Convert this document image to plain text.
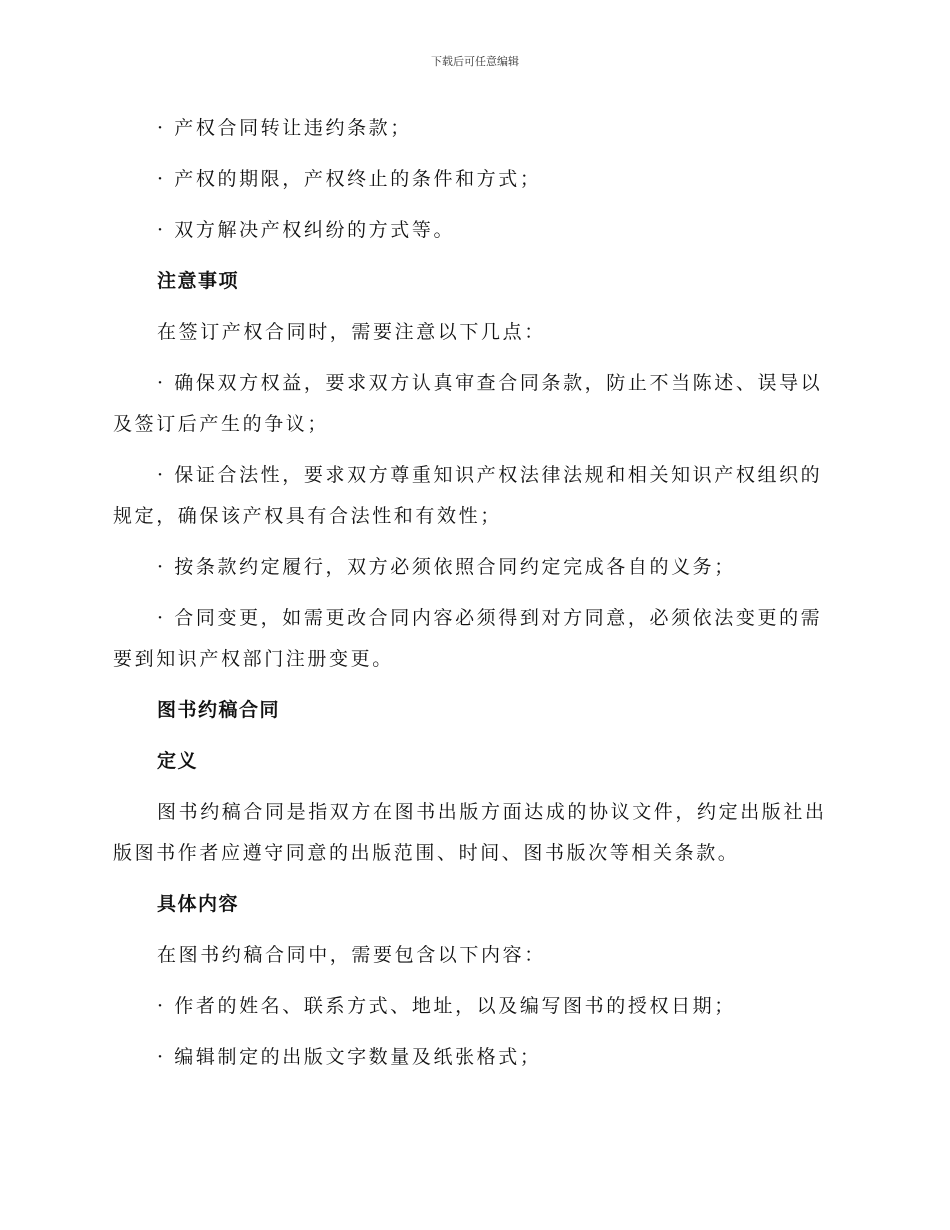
下载后可任意编辑
· 产权合同转让违约条款；
· 产权的期限，产权终止的条件和方式；
· 双方解决产权纠纷的方式等。
注意事项
在签订产权合同时，需要注意以下几点：
· 确保双方权益，要求双方认真审查合同条款，防止不当陈述、误导以
及签订后产生的争议；
· 保证合法性，要求双方尊重知识产权法律法规和相关知识产权组织的
规定，确保该产权具有合法性和有效性；
· 按条款约定履行，双方必须依照合同约定完成各自的义务；
· 合同变更，如需更改合同内容必须得到对方同意，必须依法变更的需
要到知识产权部门注册变更。
图书约稿合同
定义
图书约稿合同是指双方在图书出版方面达成的协议文件，约定出版社出
版图书作者应遵守同意的出版范围、时间、图书版次等相关条款。
具体内容
在图书约稿合同中，需要包含以下内容：
· 作者的姓名、联系方式、地址，以及编写图书的授权日期；
· 编辑制定的出版文字数量及纸张格式；
